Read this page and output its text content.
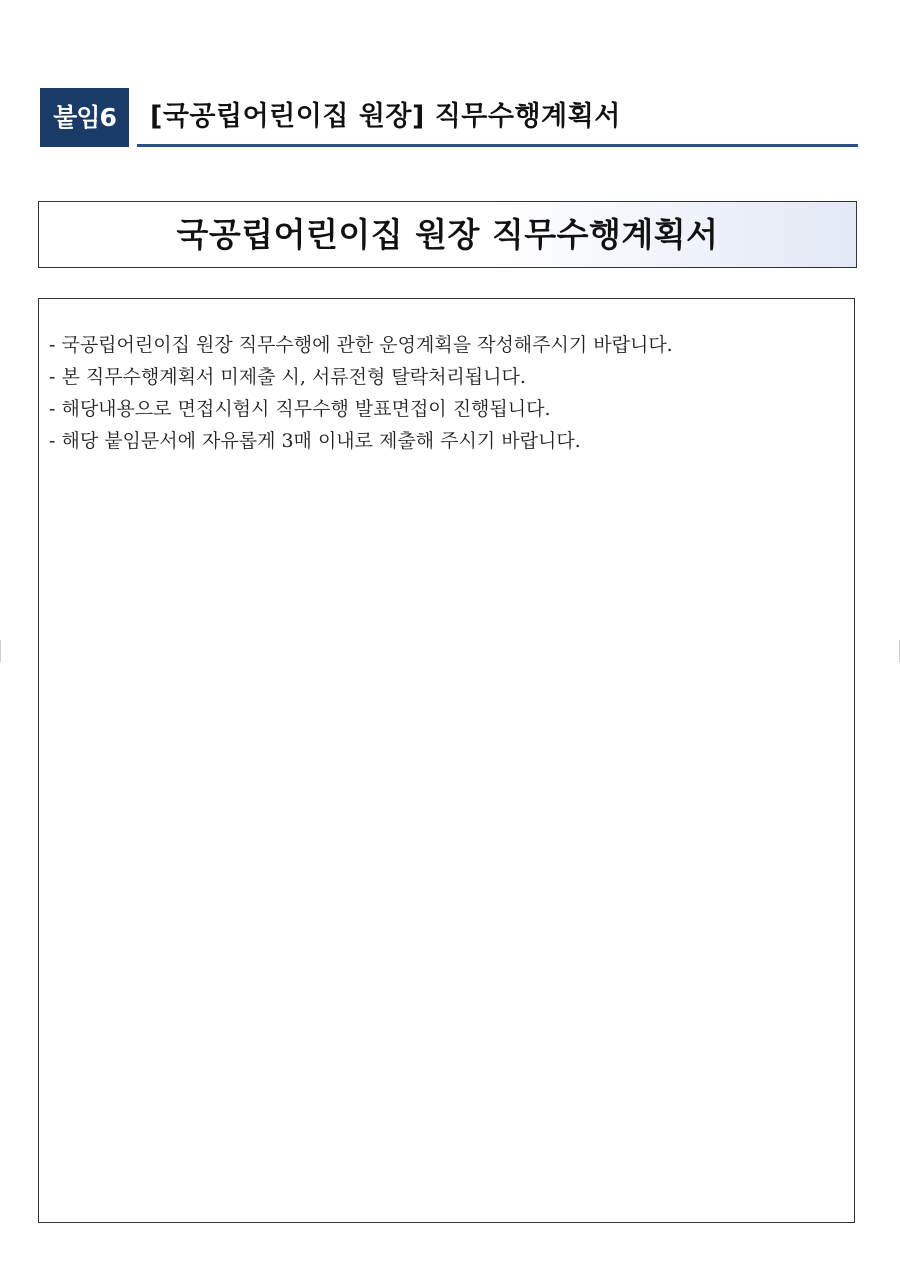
붙임6	[국공립어린이집 원장] 직무수행계획서
국공립어린이집 원장 직무수행계획서
- 국공립어린이집 원장 직무수행에 관한 운영계획을 작성해주시기 바랍니다.
- 본 직무수행계획서 미제출 시, 서류전형 탈락처리됩니다.
- 해당내용으로 면접시험시 직무수행 발표면접이 진행됩니다.
- 해당 붙임문서에 자유롭게 3매 이내로 제출해 주시기 바랍니다.
